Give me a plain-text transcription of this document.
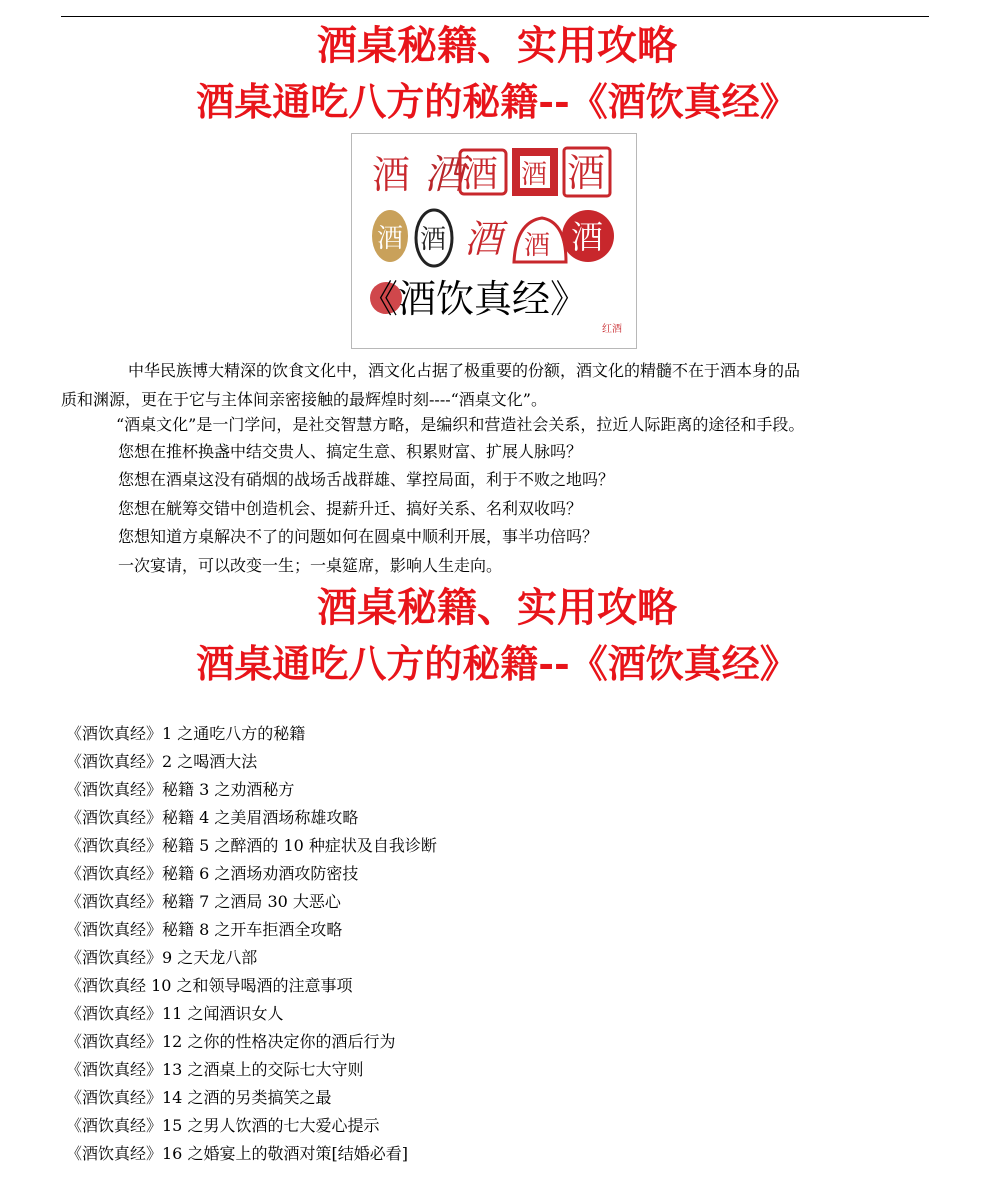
酒桌秘籍、实用攻略
酒桌通吃八方的秘籍--《酒饮真经》
酒 酒
酒 酒 酒
酒 酒 酒 酒 酒
《酒饮真经》
红酒
中华民族博大精深的饮食文化中，酒文化占据了极重要的份额，酒文化的精髓不在于酒本身的品
质和渊源，更在于它与主体间亲密接触的最辉煌时刻----“酒桌文化”。
“酒桌文化”是一门学问，是社交智慧方略，是编织和营造社会关系，拉近人际距离的途径和手段。
您想在推杯换盏中结交贵人、搞定生意、积累财富、扩展人脉吗？
您想在酒桌这没有硝烟的战场舌战群雄、掌控局面，利于不败之地吗？
您想在觥筹交错中创造机会、提薪升迁、搞好关系、名利双收吗？
您想知道方桌解决不了的问题如何在圆桌中顺利开展，事半功倍吗？
一次宴请，可以改变一生；一桌筵席，影响人生走向。
酒桌秘籍、实用攻略
酒桌通吃八方的秘籍--《酒饮真经》
《酒饮真经》1 之通吃八方的秘籍
《酒饮真经》2 之喝酒大法
《酒饮真经》秘籍 3 之劝酒秘方
《酒饮真经》秘籍 4 之美眉酒场称雄攻略
《酒饮真经》秘籍 5 之醉酒的 10 种症状及自我诊断
《酒饮真经》秘籍 6 之酒场劝酒攻防密技
《酒饮真经》秘籍 7 之酒局 30 大恶心
《酒饮真经》秘籍 8 之开车拒酒全攻略
《酒饮真经》9 之天龙八部
《酒饮真经 10 之和领导喝酒的注意事项
《酒饮真经》11 之闻酒识女人
《酒饮真经》12 之你的性格决定你的酒后行为
《酒饮真经》13 之酒桌上的交际七大守则
《酒饮真经》14 之酒的另类搞笑之最
《酒饮真经》15 之男人饮酒的七大爱心提示
《酒饮真经》16 之婚宴上的敬酒对策[结婚必看]
